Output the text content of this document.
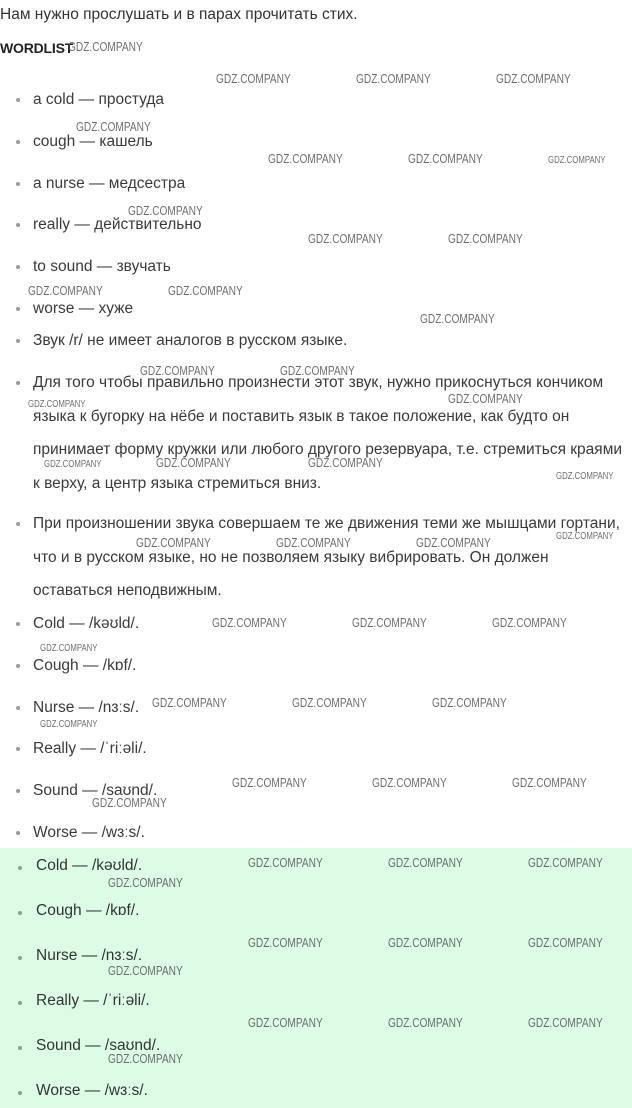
Нам нужно прослушать и в парах прочитать стих.
WORDLIST
a cold — простуда
cough — кашель
a nurse — медсестра
really — действительно
to sound — звучать
worse — хуже
Звук /r/ не имеет аналогов в русском языке.
Для того чтобы правильно произнести этот звук, нужно прикоснуться кончиком языка к бугорку на нёбе и поставить язык в такое положение, как будто он принимает форму кружки или любого другого резервуара, т.е. стремиться краями к верху, а центр языка стремиться вниз.
При произношении звука совершаем те же движения теми же мышцами гортани, что и в русском языке, но не позволяем языку вибрировать. Он должен оставаться неподвижным.
Cold — /kəʊld/.
Cough — /kɒf/.
Nurse — /nɜːs/.
Really — /ˈriːəli/.
Sound — /saʊnd/.
Worse — /wɜːs/.
Cold — /kəʊld/.
Cough — /kɒf/.
Nurse — /nɜːs/.
Really — /ˈriːəli/.
Sound — /saʊnd/.
Worse — /wɜːs/.
GDZ.COMPANY
GDZ.COMPANY	GDZ.COMPANY	GDZ.COMPANY
GDZ.COMPANY
GDZ.COMPANY	GDZ.COMPANY	GDZ.COMPANY
GDZ.COMPANY
GDZ.COMPANY	GDZ.COMPANY
GDZ.COMPANY	GDZ.COMPANY
GDZ.COMPANY
GDZ.COMPANY	GDZ.COMPANY
GDZ.COMPANY
GDZ.COMPANY
GDZ.COMPANY	GDZ.COMPANY	GDZ.COMPANY
GDZ.COMPANY
GDZ.COMPANY	GDZ.COMPANY	GDZ.COMPANY	GDZ.COMPANY
GDZ.COMPANY	GDZ.COMPANY	GDZ.COMPANY
GDZ.COMPANY
GDZ.COMPANY	GDZ.COMPANY	GDZ.COMPANY
GDZ.COMPANY
GDZ.COMPANY	GDZ.COMPANY	GDZ.COMPANY
GDZ.COMPANY
GDZ.COMPANY	GDZ.COMPANY	GDZ.COMPANY
GDZ.COMPANY
GDZ.COMPANY	GDZ.COMPANY	GDZ.COMPANY
GDZ.COMPANY
GDZ.COMPANY	GDZ.COMPANY	GDZ.COMPANY
GDZ.COMPANY
